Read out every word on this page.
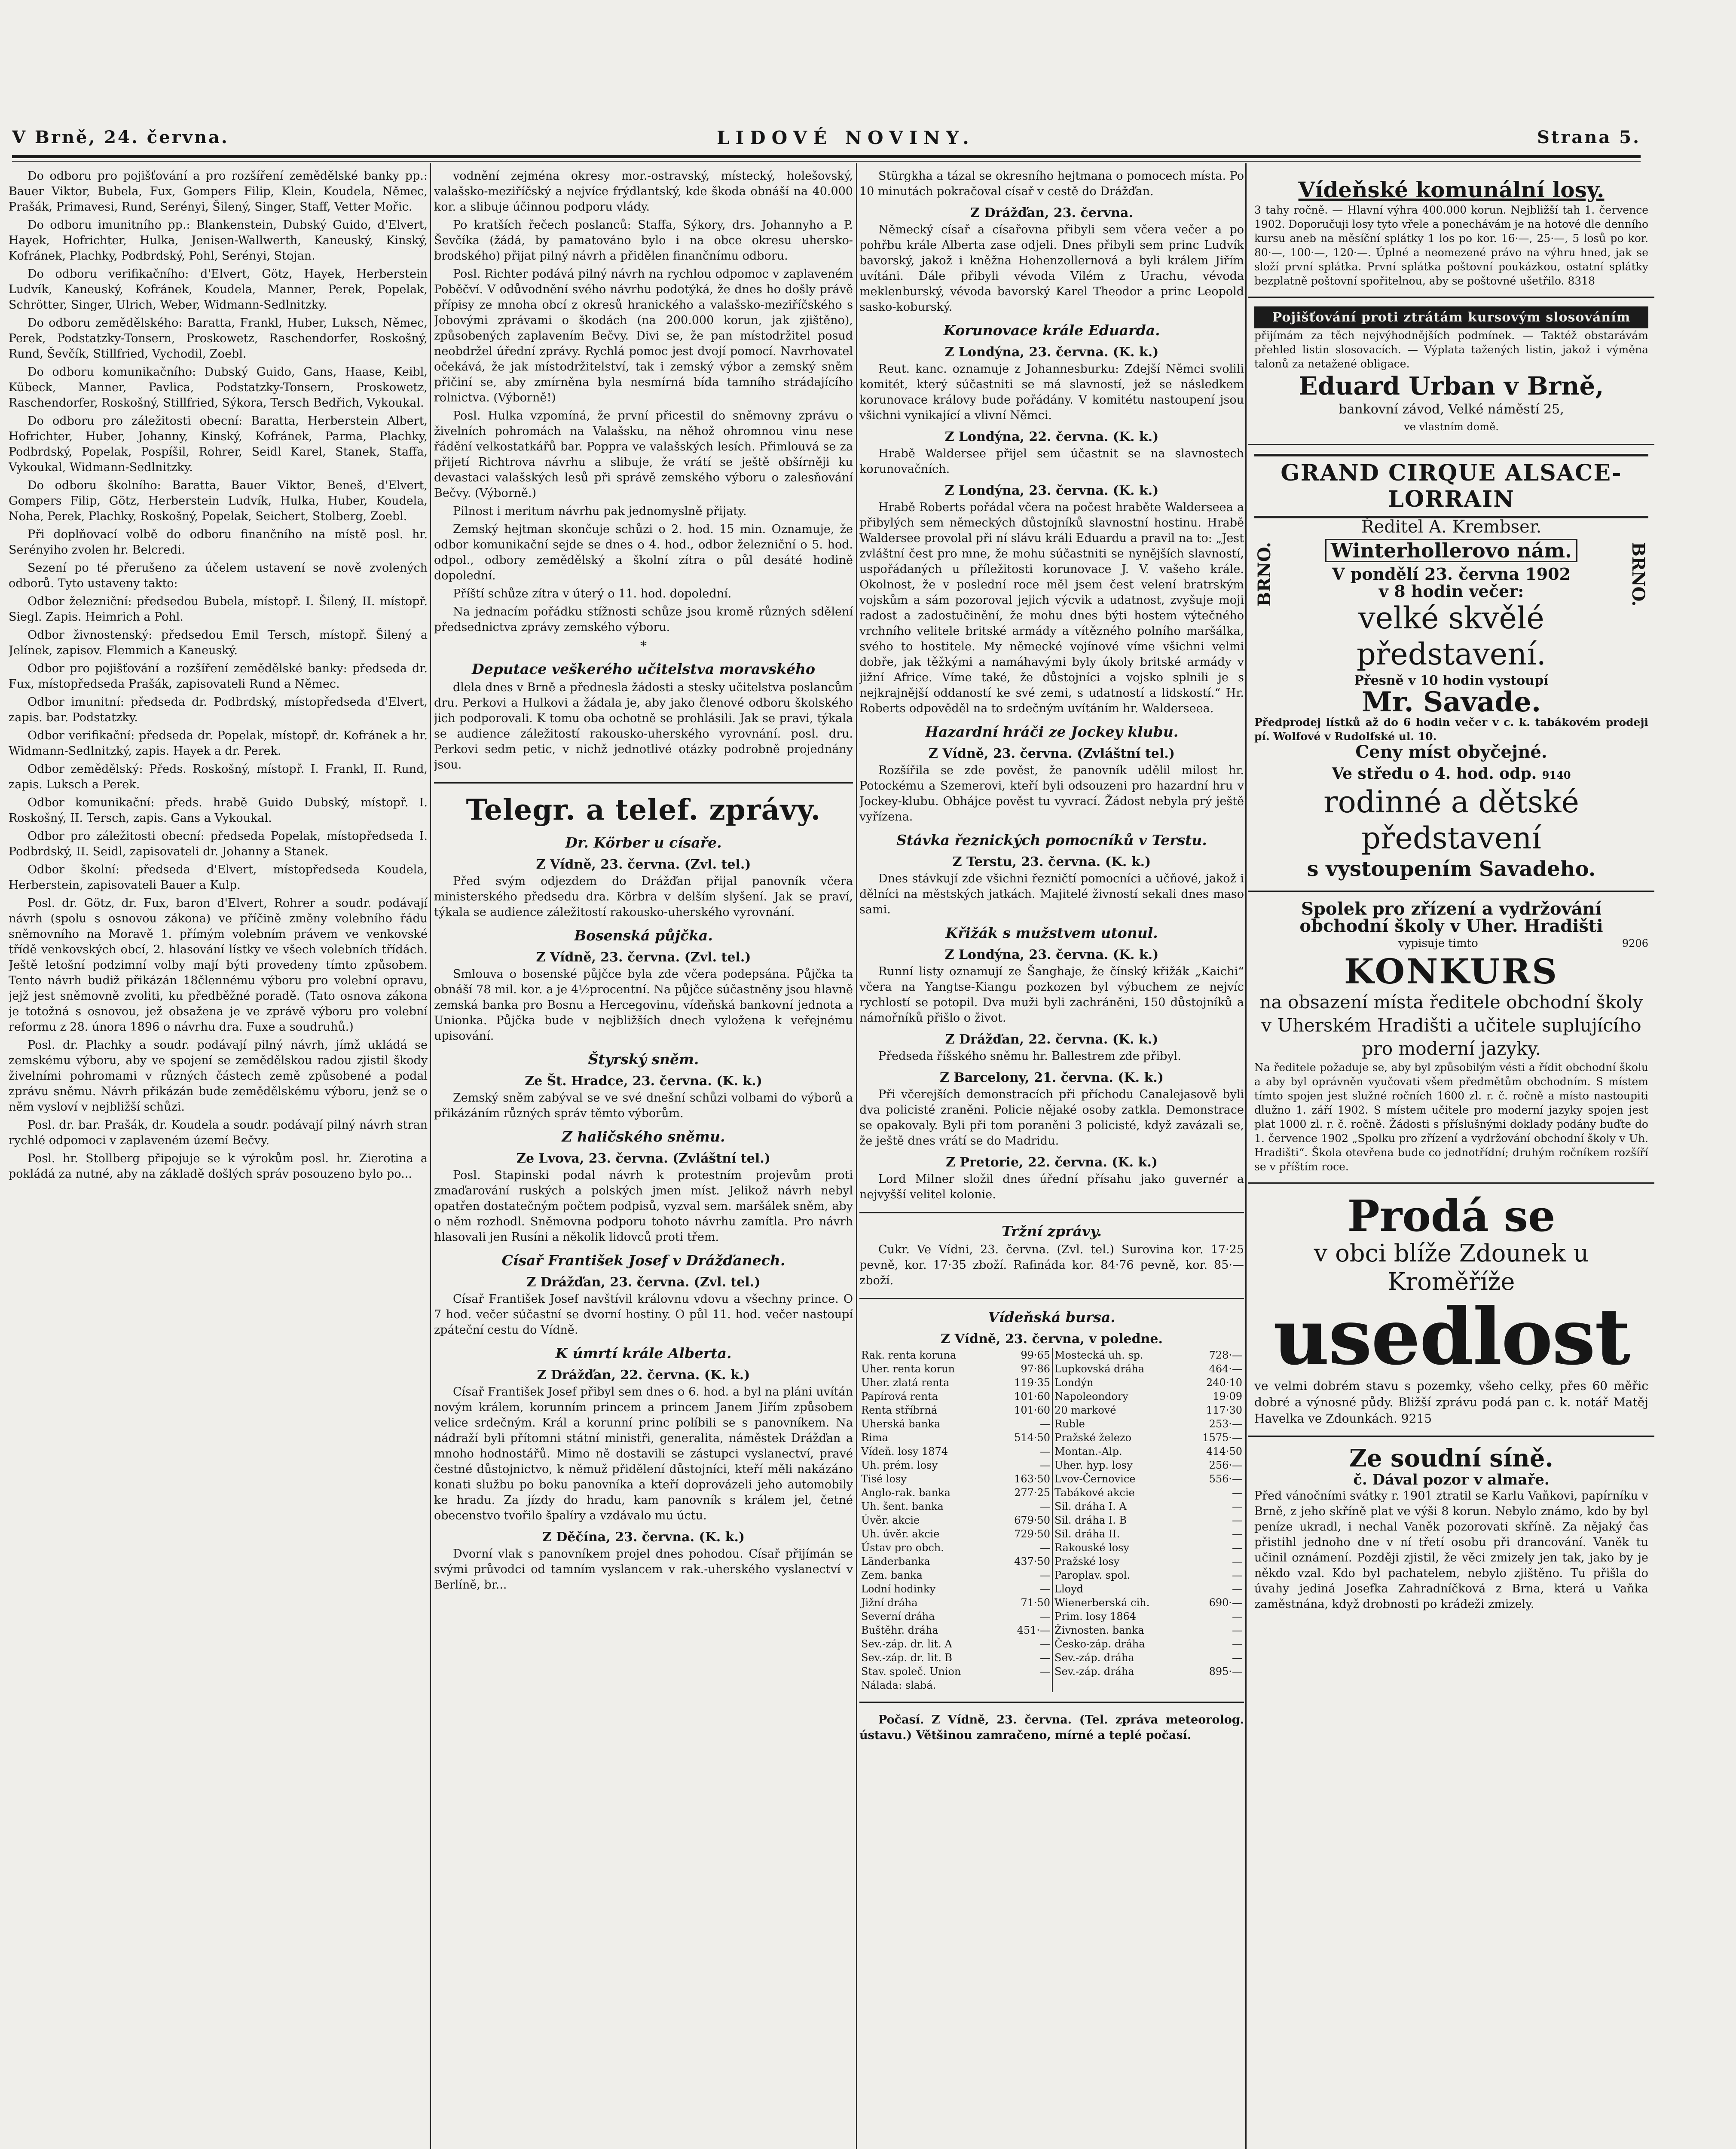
V Brně, 24. června.	LIDOVÉ NOVINY.	Strana 5.

Do odboru pro pojišťování a pro rozšíření zemědělské banky pp.: Bauer Viktor, Bubela, Fux, Gompers Filip, Klein, Koudela, Němec, Prašák, Primavesi, Rund, Serényi, Šilený, Singer, Staff, Vetter Mořic.

Do odboru imunitního pp.: Blankenstein, Dubský Guido, d'Elvert, Hayek, Hofrichter, Hulka, Jenisen-Wallwerth, Kaneuský, Kinský, Kofránek, Plachky, Podbrdský, Pohl, Serényi, Stojan.

Do odboru verifikačního: d'Elvert, Götz, Hayek, Herberstein Ludvík, Kaneuský, Kofránek, Koudela, Manner, Perek, Popelak, Schrötter, Singer, Ulrich, Weber, Widmann-Sedlnitzky.

Do odboru zemědělského: Baratta, Frankl, Huber, Luksch, Němec, Perek, Podstatzky-Tonsern, Proskowetz, Raschendorfer, Roskošný, Rund, Ševčík, Stillfried, Vychodil, Zoebl.

Do odboru komunikačního: Dubský Guido, Gans, Haase, Keibl, Kübeck, Manner, Pavlica, Podstatzky-Tonsern, Proskowetz, Raschendorfer, Roskošný, Stillfried, Sýkora, Tersch Bedřich, Vykoukal.

Do odboru pro záležitosti obecní: Baratta, Herberstein Albert, Hofrichter, Huber, Johanny, Kinský, Kofránek, Parma, Plachky, Podbrdský, Popelak, Pospíšil, Rohrer, Seidl Karel, Stanek, Staffa, Vykoukal, Widmann-Sedlnitzky.

Do odboru školního: Baratta, Bauer Viktor, Beneš, d'Elvert, Gompers Filip, Götz, Herberstein Ludvík, Hulka, Huber, Koudela, Noha, Perek, Plachky, Roskošný, Popelak, Seichert, Stolberg, Zoebl.

Při doplňovací volbě do odboru finančního na místě posl. hr. Serényiho zvolen hr. Belcredi.

Sezení po té přerušeno za účelem ustavení se nově zvolených odborů. Tyto ustaveny takto:

Odbor železniční: předsedou Bubela, místopř. I. Šilený, II. místopř. Siegl. Zapis. Heimrich a Pohl.

Odbor živnostenský: předsedou Emil Tersch, místopř. Šilený a Jelínek, zapisov. Flemmich a Kaneuský.

Odbor pro pojišťování a rozšíření zemědělské banky: předseda dr. Fux, místopředseda Prašák, zapisovateli Rund a Němec.

Odbor imunitní: předseda dr. Podbrdský, místopředseda d'Elvert, zapis. bar. Podstatzky.

Odbor verifikační: předseda dr. Popelak, místopř. dr. Kofránek a hr. Widmann-Sedlnitzký, zapis. Hayek a dr. Perek.

Odbor zemědělský: Předs. Roskošný, místopř. I. Frankl, II. Rund, zapis. Luksch a Perek.

Odbor komunikační: předs. hrabě Guido Dubský, místopř. I. Roskošný, II. Tersch, zapis. Gans a Vykoukal.

Odbor pro záležitosti obecní: předseda Popelak, místopředseda I. Podbrdský, II. Seidl, zapisovateli dr. Johanny a Stanek.

Odbor školní: předseda d'Elvert, místopředseda Koudela, Herberstein, zapisovateli Bauer a Kulp.

Posl. dr. Götz, dr. Fux, baron d'Elvert, Rohrer a soudr. podávají návrh (spolu s osnovou zákona) ve příčině změny volebního řádu sněmovního na Moravě 1. přímým volebním právem ve venkovské třídě venkovských obcí, 2. hlasování lístky ve všech volebních třídách. Ještě letošní podzimní volby mají býti provedeny tímto způsobem. Tento návrh budiž přikázán 18člennému výboru pro volební opravu, jejž jest sněmovně zvoliti, ku předběžné poradě. (Tato osnova zákona je totožná s osnovou, jež obsažena je ve zprávě výboru pro volební reformu z 28. února 1896 o návrhu dra. Fuxe a soudruhů.)

Posl. dr. Plachky a soudr. podávají pilný návrh, jímž ukládá se zemskému výboru, aby ve spojení se zemědělskou radou zjistil škody živelními pohromami v různých částech země způsobené a podal zprávu sněmu. Návrh přikázán bude zemědělskému výboru, jenž se o něm vysloví v nejbližší schůzi.

Posl. dr. bar. Prašák, dr. Koudela a soudr. podávají pilný návrh stran rychlé odpomoci v zaplaveném území Bečvy.

Posl. hr. Stollberg připojuje se k výrokům posl. hr. Zierotina a pokládá za nutné, aby na základě došlých správ posouzeno bylo po...

vodnění zejména okresy mor.-ostravský, místecký, holešovský, valašsko-meziříčský a nejvíce frýdlantský, kde škoda obnáší na 40.000 kor. a slibuje účinnou podporu vlády.

Po kratších řečech poslanců: Staffa, Sýkory, drs. Johannyho a P. Ševčíka (žádá, by pamatováno bylo i na obce okresu uhersko-brodského) přijat pilný návrh a přidělen finančnímu odboru.

Posl. Richter podává pilný návrh na rychlou odpomoc v zaplaveném Poběčví. V odůvodnění svého návrhu podotýká, že dnes ho došly právě přípisy ze mnoha obcí z okresů hranického a valašsko-meziříčského s Jobovými zprávami o škodách (na 200.000 korun, jak zjištěno), způsobených zaplavením Bečvy. Divi se, že pan místodržitel posud neobdržel úřední zprávy. Rychlá pomoc jest dvojí pomocí. Navrhovatel očekává, že jak místodržitelství, tak i zemský výbor a zemský sněm přičiní se, aby zmírněna byla nesmírná bída tamního strádajícího rolnictva. (Výborně!)

Posl. Hulka vzpomíná, že první přicestil do sněmovny zprávu o živelních pohromách na Valašsku, na něhož ohromnou vinu nese řádění velkostatkářů bar. Poppra ve valašských lesích. Přimlouvá se za přijetí Richtrova návrhu a slibuje, že vrátí se ještě obšírněji ku devastaci valašských lesů při správě zemského výboru o zalesňování Bečvy. (Výborně.)

Pilnost i meritum návrhu pak jednomyslně přijaty.

Zemský hejtman skončuje schůzi o 2. hod. 15 min. Oznamuje, že odbor komunikační sejde se dnes o 4. hod., odbor železniční o 5. hod. odpol., odbory zemědělský a školní zítra o půl desáté hodině dopolední.

Příští schůze zítra v úterý o 11. hod. dopolední.

Na jednacím pořádku stížnosti schůze jsou kromě různých sdělení předsednictva zprávy zemského výboru.

*
Deputace veškerého učitelstva moravského

dlela dnes v Brně a přednesla žádosti a stesky učitelstva poslancům dru. Perkovi a Hulkovi a žádala je, aby jako členové odboru školského jich podporovali. K tomu oba ochotně se prohlásili. Jak se pravi, týkala se audience záležitostí rakousko-uherského vyrovnání. posl. dru. Perkovi sedm petic, v nichž jednotlivé otázky podrobně projednány jsou.

Telegr. a telef. zprávy.
Dr. Körber u císaře.
Z Vídně, 23. června. (Zvl. tel.)

Před svým odjezdem do Drážďan přijal panovník včera ministerského předsedu dra. Körbra v delším slyšení. Jak se praví, týkala se audience záležitostí rakousko-uherského vyrovnání.

Bosenská půjčka.
Z Vídně, 23. června. (Zvl. tel.)

Smlouva o bosenské půjčce byla zde včera podepsána. Půjčka ta obnáší 78 mil. kor. a je 4½procentní. Na půjčce súčastněny jsou hlavně zemská banka pro Bosnu a Hercegovinu, vídeňská bankovní jednota a Unionka. Půjčka bude v nejbližších dnech vyložena k veřejnému upisování.

Štyrský sněm.
Ze Št. Hradce, 23. června. (K. k.)

Zemský sněm zabýval se ve své dnešní schůzi volbami do výborů a přikázáním různých správ těmto výborům.

Z haličského sněmu.
Ze Lvova, 23. června. (Zvláštní tel.)

Posl. Stapinski podal návrh k protestním projevům proti zmaďarování ruských a polských jmen míst. Jelikož návrh nebyl opatřen dostatečným počtem podpisů, vyzval sem. maršálek sněm, aby o něm rozhodl. Sněmovna podporu tohoto návrhu zamítla. Pro návrh hlasovali jen Rusíni a několik lidovců proti třem.

Císař František Josef v Drážďanech.
Z Drážďan, 23. června. (Zvl. tel.)

Císař František Josef navštívil královnu vdovu a všechny prince. O 7 hod. večer súčastní se dvorní hostiny. O půl 11. hod. večer nastoupí zpáteční cestu do Vídně.

K úmrtí krále Alberta.
Z Drážďan, 22. června. (K. k.)

Císař František Josef přibyl sem dnes o 6. hod. a byl na pláni uvítán novým králem, korunním princem a princem Janem Jiřím způsobem velice srdečným. Král a korunní princ políbili se s panovníkem. Na nádraží byli přítomni státní ministři, generalita, náměstek Drážďan a mnoho hodnostářů. Mimo ně dostavili se zástupci vyslanectví, pravé čestné důstojnictvo, k němuž přidělení důstojníci, kteří měli nakázáno konati službu po boku panovníka a kteří doprovázeli jeho automobily ke hradu. Za jízdy do hradu, kam panovník s králem jel, četné obecenstvo tvořilo špalíry a vzdávalo mu úctu.

Z Děčína, 23. června. (K. k.)

Dvorní vlak s panovníkem projel dnes pohodou. Císař přijímán se svými průvodci od tamním vyslancem v rak.-uherského vyslanectví v Berlíně, br...

Stürgkha a tázal se okresního hejtmana o pomocech místa. Po 10 minutách pokračoval císař v cestě do Drážďan.

Z Drážďan, 23. června.

Německý císař a císařovna přibyli sem včera večer a po pohřbu krále Alberta zase odjeli. Dnes přibyli sem princ Ludvík bavorský, jakož i kněžna Hohenzollernová a byli králem Jiřím uvítáni. Dále přibyli vévoda Vilém z Urachu, vévoda meklenburský, vévoda bavorský Karel Theodor a princ Leopold sasko-koburský.

Korunovace krále Eduarda.
Z Londýna, 23. června. (K. k.)

Reut. kanc. oznamuje z Johannesburku: Zdejší Němci svolili komitét, který súčastniti se má slavností, jež se následkem korunovace královy bude pořádány. V komitétu nastoupení jsou všichni vynikající a vlivní Němci.

Z Londýna, 22. června. (K. k.)

Hrabě Waldersee přijel sem účastnit se na slavnostech korunovačních.

Z Londýna, 23. června. (K. k.)

Hrabě Roberts pořádal včera na počest hraběte Walderseea a přibylých sem německých důstojníků slavnostní hostinu. Hrabě Waldersee provolal při ní slávu králi Eduardu a pravil na to: „Jest zvláštní čest pro mne, že mohu súčastniti se nynějších slavností, uspořádaných u příležitosti korunovace J. V. vašeho krále. Okolnost, že v poslední roce měl jsem čest velení bratrským vojskům a sám pozoroval jejich výcvik a udatnost, zvyšuje moji radost a zadostučinění, že mohu dnes býti hostem výtečného vrchního velitele britské armády a vítězného polního maršálka, svého to hostitele. My německé vojínové víme všichni velmi dobře, jak těžkými a namáhavými byly úkoly britské armády v jižní Africe. Víme také, že důstojníci a vojsko splnili je s nejkrajnější oddaností ke své zemi, s udatností a lidskostí.“ Hr. Roberts odpověděl na to srdečným uvítáním hr. Walderseea.

Hazardní hráči ze Jockey klubu.
Z Vídně, 23. června. (Zvláštní tel.)

Rozšířila se zde pověst, že panovník udělil milost hr. Potockému a Szemerovi, kteří byli odsouzeni pro hazardní hru v Jockey-klubu. Obhájce pověst tu vyvrací. Žádost nebyla prý ještě vyřízena.

Stávka řeznických pomocníků v Terstu.
Z Terstu, 23. června. (K. k.)

Dnes stávkují zde všichni řezničtí pomocníci a učňové, jakož i dělníci na městských jatkách. Majitelé živností sekali dnes maso sami.

Křižák s mužstvem utonul.
Z Londýna, 23. června. (K. k.)

Runní listy oznamují ze Šanghaje, že čínský křižák „Kaichi“ včera na Yangtse-Kiangu pozkozen byl výbuchem ze nejvíc rychlostí se potopil. Dva muži byli zachráněni, 150 důstojníků a námořníků přišlo o život.

Z Drážďan, 22. června. (K. k.)

Předseda říšského sněmu hr. Ballestrem zde přibyl.

Z Barcelony, 21. června. (K. k.)

Při včerejších demonstracích při příchodu Canalejasově byli dva policisté zraněni. Policie nějaké osoby zatkla. Demonstrace se opakovaly. Byli při tom poraněni 3 policisté, když zavázali se, že ještě dnes vrátí se do Madridu.

Z Pretorie, 22. června. (K. k.)

Lord Milner složil dnes úřední přísahu jako guvernér a nejvyšší velitel kolonie.

Tržní zprávy.

Cukr. Ve Vídni, 23. června. (Zvl. tel.) Surovina kor. 17·25 pevně, kor. 17·35 zboží. Rafináda kor. 84·76 pevně, kor. 85·— zboží.

Vídeňská bursa.
Z Vídně, 23. června, v poledne.
Rak. renta koruna	99·65	Mostecká uh. sp.	728·—
Uher. renta korun	97·86	Lupkovská dráha	464·—
Uher. zlatá renta	119·35	Londýn	240·10
Papírová renta	101·60	Napoleondory	19·09
Renta stříbrná	101·60	20 markové	117·30
Uherská banka	—	Ruble	253·—
Rima	514·50	Pražské železo	1575·—
Vídeň. losy 1874	—	Montan.-Alp.	414·50
Uh. prém. losy	—	Uher. hyp. losy	256·—
Tisé losy	163·50	Lvov-Černovice	556·—
Anglo-rak. banka	277·25	Tabákové akcie	—
Uh. šent. banka	—	Sil. dráha I. A	—
Úvěr. akcie	679·50	Sil. dráha I. B	—
Uh. úvěr. akcie	729·50	Sil. dráha II.	—
Ústav pro obch.	—	Rakouské losy	—
Länderbanka	437·50	Pražské losy	—
Zem. banka	—	Paroplav. spol.	—
Lodní hodinky	—	Lloyd	—
Jižní dráha	71·50	Wienerberská cih.	690·—
Severní dráha	—	Prim. losy 1864	—
Buštěhr. dráha	451·—	Živnosten. banka	—
Sev.-záp. dr. lit. A	—	Česko-záp. dráha	—
Sev.-záp. dr. lit. B	—	Sev.-záp. dráha	—
Stav. společ. Union	—	Sev.-záp. dráha	895·—
Nálada: slabá.			

Počasí. Z Vídně, 23. června. (Tel. zpráva meteorolog. ústavu.) Většinou zamračeno, mírné a teplé počasí.

Vídeňské komunální losy.
3 tahy ročně. — Hlavní výhra 400.000 korun. Nejbližší tah 1. července 1902. Doporučuji losy tyto vřele a ponechávám je na hotové dle denního kursu aneb na měsíční splátky 1 los po kor. 16·—, 25·—, 5 losů po kor. 80·—, 100·—, 120·—. Úplné a neomezené právo na výhru hned, jak se složí první splátka. První splátka poštovní poukázkou, ostatní splátky bezplatně poštovní spořitelnou, aby se poštovné ušetřilo. 8318
Pojišťování proti ztrátám kursovým slosováním
přijímám za těch nejvýhodnějších podmínek. — Taktéž obstarávám přehled listin slosovacích. — Výplata tažených listin, jakož i výměna talonů za netažené obligace.
Eduard Urban v Brně,
bankovní závod, Velké náměstí 25,
ve vlastním domě.
GRAND CIRQUE ALSACE-LORRAIN
BRNO.	BRNO.
Ředitel A. Krembser.
Winterhollerovo nám.
V pondělí 23. června 1902
v 8 hodin večer:
velké skvělé
představení.
Přesně v 10 hodin vystoupí
Mr. Savade.
Předprodej lístků až do 6 hodin večer v c. k. tabákovém prodeji pí. Wolfové v Rudolfské ul. 10.
Ceny míst obyčejné.
Ve středu o 4. hod. odp. 9140
rodinné a dětské
představení
s vystoupením Savadeho.
Spolek pro zřízení a vydržování
obchodní školy v Uher. Hradišti
vypisuje timto	9206
KONKURS
na obsazení místa ředitele obchodní školy
v Uherském Hradišti a učitele suplujícího
pro moderní jazyky.
Na ředitele požaduje se, aby byl způsobilým vésti a řídit obchodní školu a aby byl oprávněn vyučovati všem předmětům obchodním. S místem tímto spojen jest služné ročních 1600 zl. r. č. ročně a místo nastoupiti dlužno 1. září 1902. S místem učitele pro moderní jazyky spojen jest plat 1000 zl. r. č. ročně. Žádosti s příslušnými doklady podány buďte do 1. července 1902 „Spolku pro zřízení a vydržování obchodní školy v Uh. Hradišti“. Škola otevřena bude co jednotřídní; druhým ročníkem rozšíří se v příštím roce.
Prodá se
v obci blíže Zdounek u Kroměříže
usedlost
ve velmi dobrém stavu s pozemky, všeho celky, přes 60 měřic dobré a výnosné půdy. Bližší zprávu podá pan c. k. notář Matěj Havelka ve Zdounkách. 9215
Ze soudní síně.
č. Dával pozor v almaře.
Před vánočními svátky r. 1901 ztratil se Karlu Vaňkovi, papírníku v Brně, z jeho skříně plat ve výši 8 korun. Nebylo známo, kdo by byl peníze ukradl, i nechal Vaněk pozorovati skříně. Za nějaký čas přistihl jednoho dne v ní třetí osobu při drancování. Vaněk tu učinil oznámení. Později zjistil, že věci zmizely jen tak, jako by je někdo vzal. Kdo byl pachatelem, nebylo zjištěno. Tu přišla do úvahy jediná Josefka Zahradníčková z Brna, která u Vaňka zaměstnána, když drobnosti po krádeži zmizely.
